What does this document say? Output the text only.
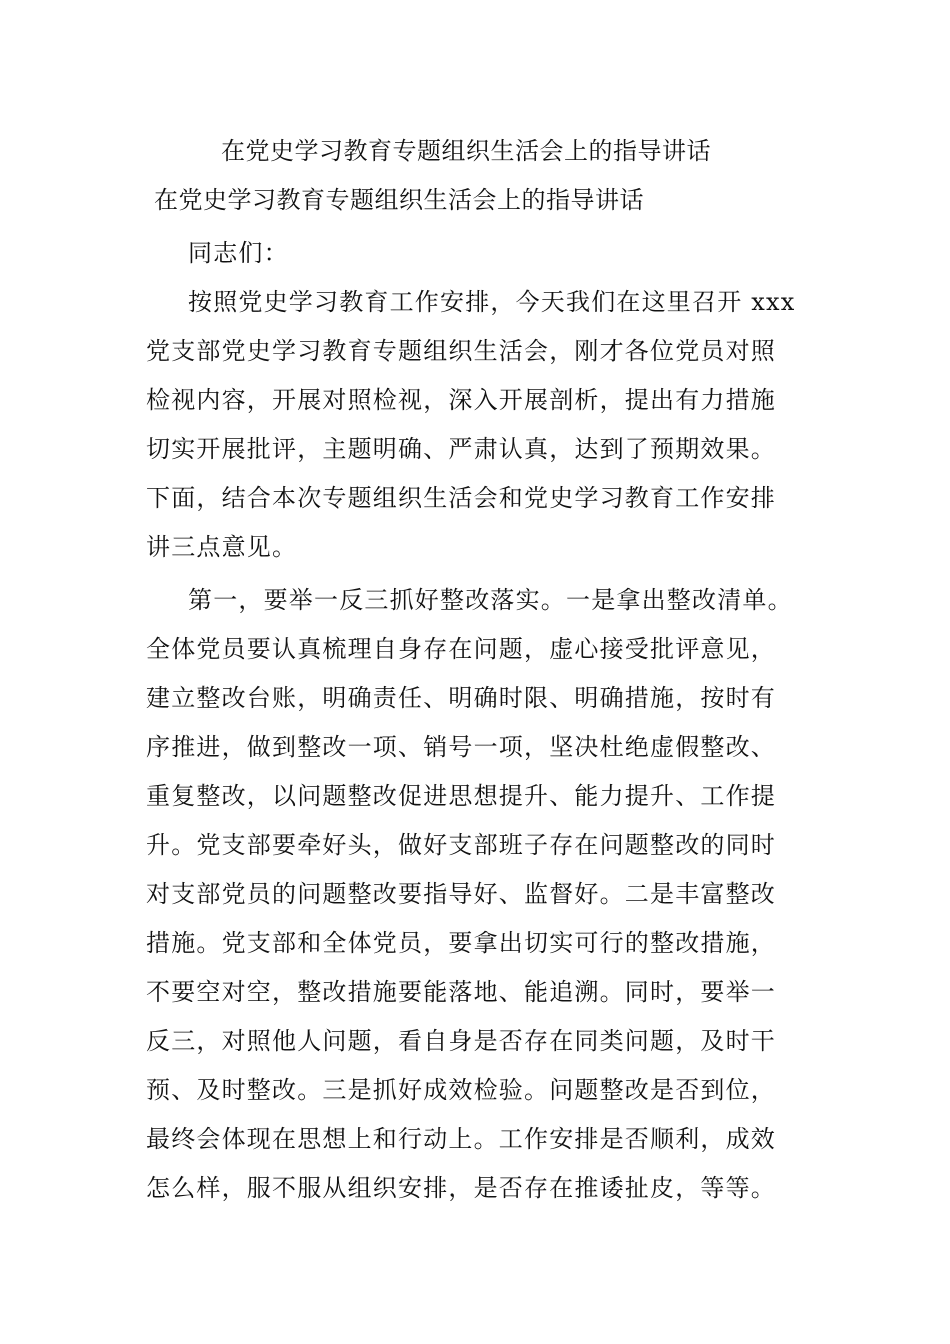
在党史学习教育专题组织生活会上的指导讲话
在党史学习教育专题组织生活会上的指导讲话
同志们：
按照党史学习教育工作安排，今天我们在这里召开 xxx
党支部党史学习教育专题组织生活会，刚才各位党员对照
检视内容，开展对照检视，深入开展剖析，提出有力措施
切实开展批评，主题明确、严肃认真，达到了预期效果。
下面，结合本次专题组织生活会和党史学习教育工作安排
讲三点意见。
第一，要举一反三抓好整改落实。一是拿出整改清单。
全体党员要认真梳理自身存在问题，虚心接受批评意见，
建立整改台账，明确责任、明确时限、明确措施，按时有
序推进，做到整改一项、销号一项，坚决杜绝虚假整改、
重复整改，以问题整改促进思想提升、能力提升、工作提
升。党支部要牵好头，做好支部班子存在问题整改的同时
对支部党员的问题整改要指导好、监督好。二是丰富整改
措施。党支部和全体党员，要拿出切实可行的整改措施，
不要空对空，整改措施要能落地、能追溯。同时，要举一
反三，对照他人问题，看自身是否存在同类问题，及时干
预、及时整改。三是抓好成效检验。问题整改是否到位，
最终会体现在思想上和行动上。工作安排是否顺利，成效
怎么样，服不服从组织安排，是否存在推诿扯皮，等等。
